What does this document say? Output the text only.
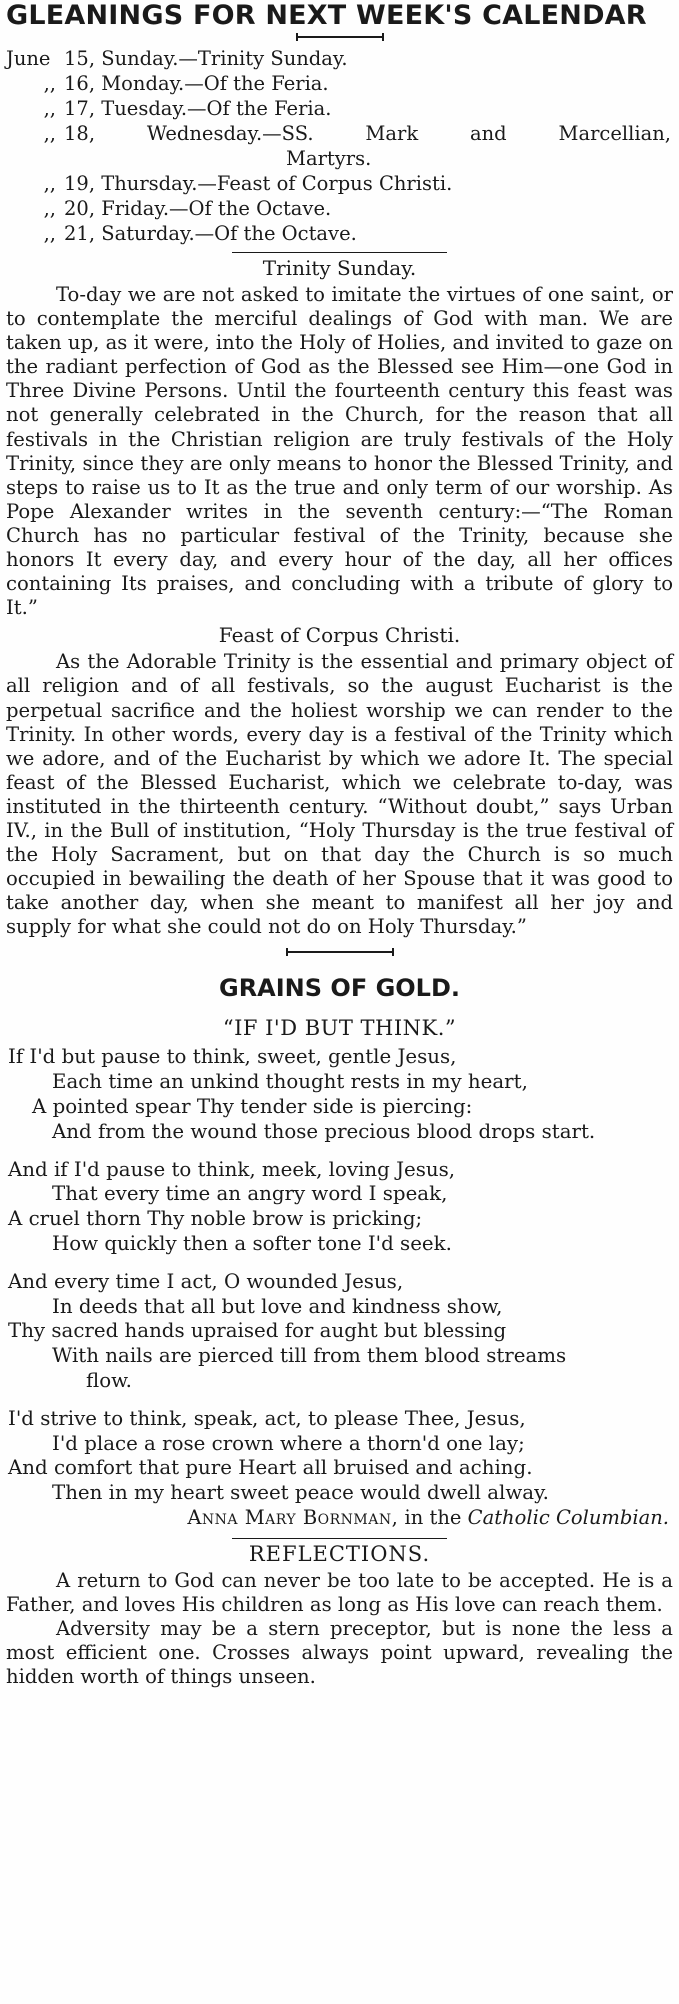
GLEANINGS FOR NEXT WEEK'S CALENDAR
June 15, Sunday.—Trinity Sunday.
,, 16, Monday.—Of the Feria.
,, 17, Tuesday.—Of the Feria.
,, 18, Wednesday.—SS. Mark and Marcellian,
Martyrs.
,, 19, Thursday.—Feast of Corpus Christi.
,, 20, Friday.—Of the Octave.
,, 21, Saturday.—Of the Octave.
Trinity Sunday.

To-day we are not asked to imitate the virtues of one saint, or to contemplate the merciful dealings of God with man. We are taken up, as it were, into the Holy of Holies, and invited to gaze on the radiant perfection of God as the Blessed see Him—one God in Three Divine Persons. Until the fourteenth century this feast was not generally celebrated in the Church, for the reason that all festivals in the Christian religion are truly festivals of the Holy Trinity, since they are only means to honor the Blessed Trinity, and steps to raise us to It as the true and only term of our worship. As Pope Alexander writes in the seventh century:—“The Roman Church has no particular festival of the Trinity, because she honors It every day, and every hour of the day, all her offices containing Its praises, and concluding with a tribute of glory to It.”

Feast of Corpus Christi.

As the Adorable Trinity is the essential and primary object of all religion and of all festivals, so the august Eucharist is the perpetual sacrifice and the holiest worship we can render to the Trinity. In other words, every day is a festival of the Trinity which we adore, and of the Eucharist by which we adore It. The special feast of the Blessed Eucharist, which we celebrate to-day, was instituted in the thirteenth century. “Without doubt,” says Urban IV., in the Bull of institution, “Holy Thursday is the true festival of the Holy Sacrament, but on that day the Church is so much occupied in bewailing the death of her Spouse that it was good to take another day, when she meant to manifest all her joy and supply for what she could not do on Holy Thursday.”

GRAINS OF GOLD.
“IF I'D BUT THINK.”
If I'd but pause to think, sweet, gentle Jesus,
Each time an unkind thought rests in my heart,
A pointed spear Thy tender side is piercing:
And from the wound those precious blood drops start.
And if I'd pause to think, meek, loving Jesus,
That every time an angry word I speak,
A cruel thorn Thy noble brow is pricking;
How quickly then a softer tone I'd seek.
And every time I act, O wounded Jesus,
In deeds that all but love and kindness show,
Thy sacred hands upraised for aught but blessing
With nails are pierced till from them blood streams
flow.
I'd strive to think, speak, act, to please Thee, Jesus,
I'd place a rose crown where a thorn'd one lay;
And comfort that pure Heart all bruised and aching.
Then in my heart sweet peace would dwell alway.
Anna Mary Bornman, in the Catholic Columbian.
REFLECTIONS.

A return to God can never be too late to be accepted. He is a Father, and loves His children as long as His love can reach them.

Adversity may be a stern preceptor, but is none the less a most efficient one. Crosses always point upward, revealing the hidden worth of things unseen.
